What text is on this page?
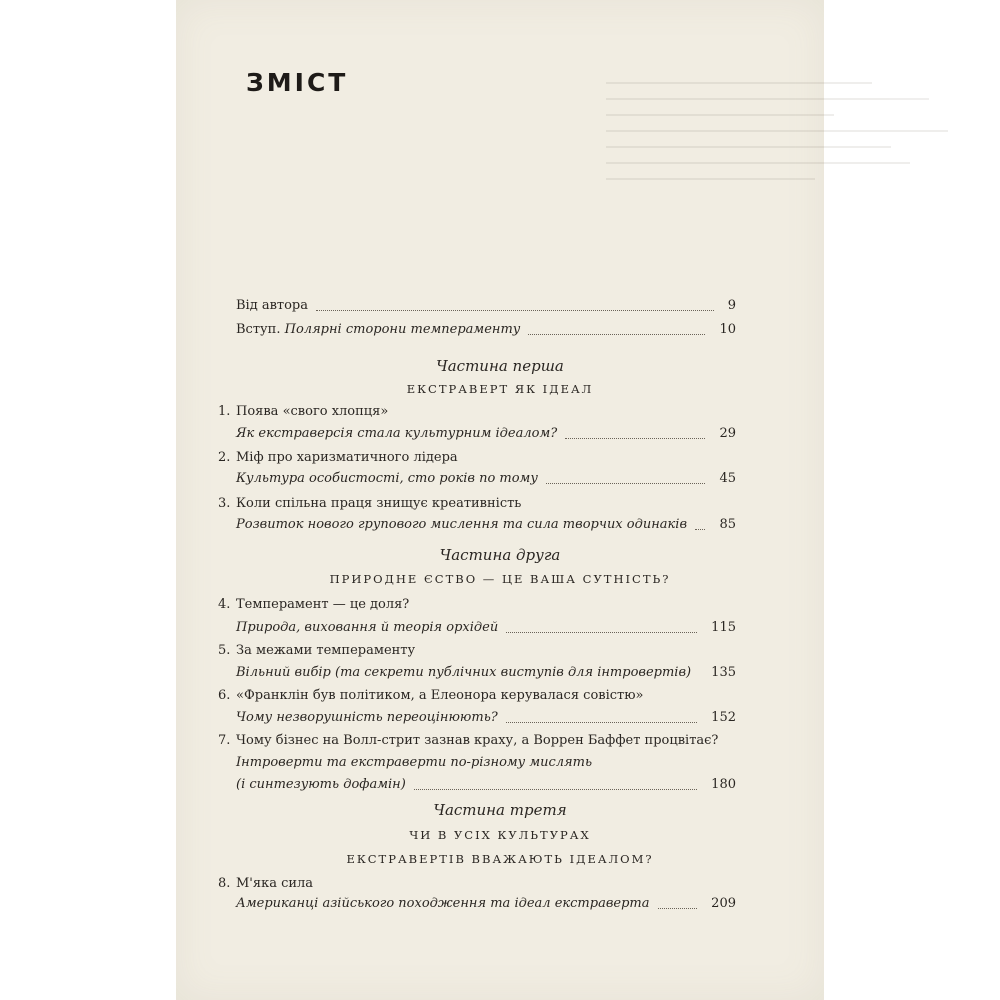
ЗМІСТ
Від автора	9
Вступ. Полярні сторони темпераменту	10
Частина перша
ЕКСТРАВЕРТ ЯК ІДЕАЛ
1. Поява «свого хлопця»
Як екстраверсія стала культурним ідеалом?	29
2. Міф про харизматичного лідера
Культура особистості, сто років по тому	45
3. Коли спільна праця знищує креативність
Розвиток нового групового мислення та сила творчих одинаків 85
Частина друга
ПРИРОДНЕ ЄСТВО — ЦЕ ВАША СУТНІСТЬ?
4. Темперамент — це доля?
Природа, виховання й теорія орхідей	115
5. За межами темпераменту
Вільний вибір (та секрети публічних виступів для інтровертів) 135
6. «Франклін був політиком, а Елеонора керувалася совістю»
Чому незворушність переоцінюють?	152
7. Чому бізнес на Волл-стрит зазнав краху, а Воррен Баффет процвітає?
Інтроверти та екстраверти по-різному мислять
(і синтезують дофамін)	180
Частина третя
ЧИ В УСІХ КУЛЬТУРАХ
ЕКСТРАВЕРТІВ ВВАЖАЮТЬ ІДЕАЛОМ?
8. М'яка сила
Американці азійського походження та ідеал екстраверта	209
